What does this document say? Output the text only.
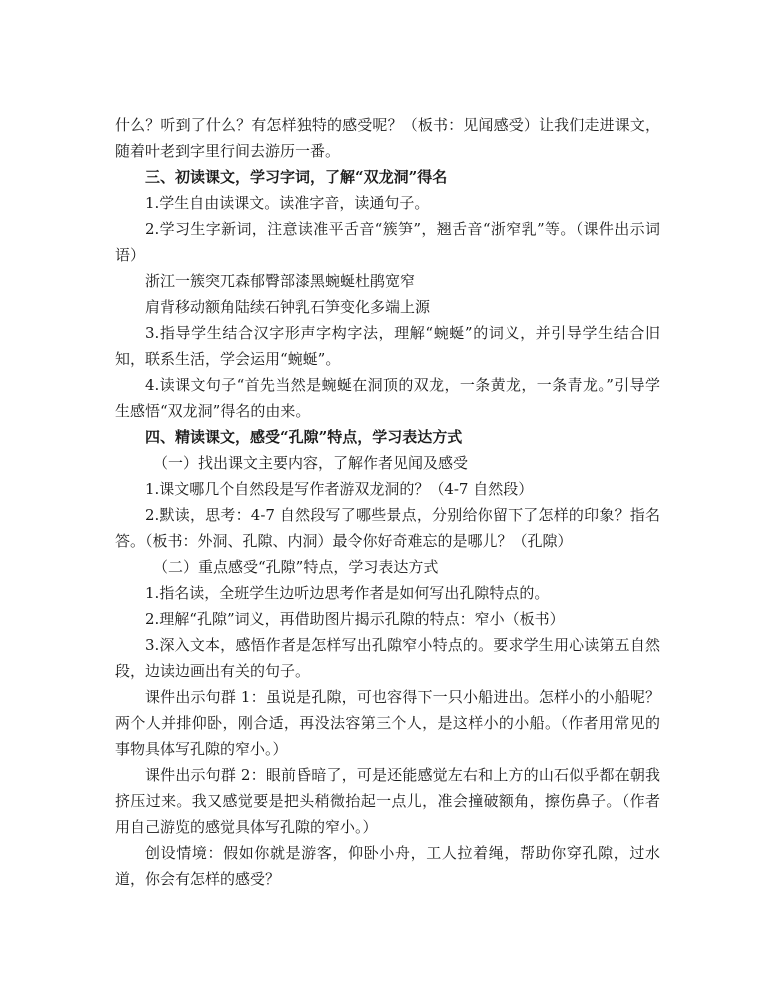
什么？听到了什么？有怎样独特的感受呢？（板书：见闻感受）让我们走进课文，随着叶老到字里行间去游历一番。

三、初读课文，学习字词，了解“双龙洞”得名

1.学生自由读课文。读准字音，读通句子。

2.学习生字新词，注意读准平舌音“簇笋”，翘舌音“浙窄乳”等。（课件出示词语）

浙江一簇突兀森郁臀部漆黑蜿蜒杜鹃宽窄

肩背移动额角陆续石钟乳石笋变化多端上源

3.指导学生结合汉字形声字构字法，理解“蜿蜒”的词义，并引导学生结合旧知，联系生活，学会运用“蜿蜒”。

4.读课文句子“首先当然是蜿蜒在洞顶的双龙，一条黄龙，一条青龙。”引导学生感悟“双龙洞”得名的由来。

四、精读课文，感受“孔隙”特点，学习表达方式

（一）找出课文主要内容，了解作者见闻及感受

1.课文哪几个自然段是写作者游双龙洞的？（4-7 自然段）

2.默读，思考：4-7 自然段写了哪些景点，分别给你留下了怎样的印象？指名答。（板书：外洞、孔隙、内洞）最令你好奇难忘的是哪儿？（孔隙）

（二）重点感受“孔隙”特点，学习表达方式

1.指名读，全班学生边听边思考作者是如何写出孔隙特点的。

2.理解“孔隙”词义，再借助图片揭示孔隙的特点：窄小（板书）

3.深入文本，感悟作者是怎样写出孔隙窄小特点的。要求学生用心读第五自然段，边读边画出有关的句子。

课件出示句群 1：虽说是孔隙，可也容得下一只小船进出。怎样小的小船呢？两个人并排仰卧，刚合适，再没法容第三个人，是这样小的小船。（作者用常见的事物具体写孔隙的窄小。）

课件出示句群 2：眼前昏暗了，可是还能感觉左右和上方的山石似乎都在朝我挤压过来。我又感觉要是把头稍微抬起一点儿，准会撞破额角，擦伤鼻子。（作者用自己游览的感觉具体写孔隙的窄小。）

创设情境：假如你就是游客，仰卧小舟，工人拉着绳，帮助你穿孔隙，过水道，你会有怎样的感受？
